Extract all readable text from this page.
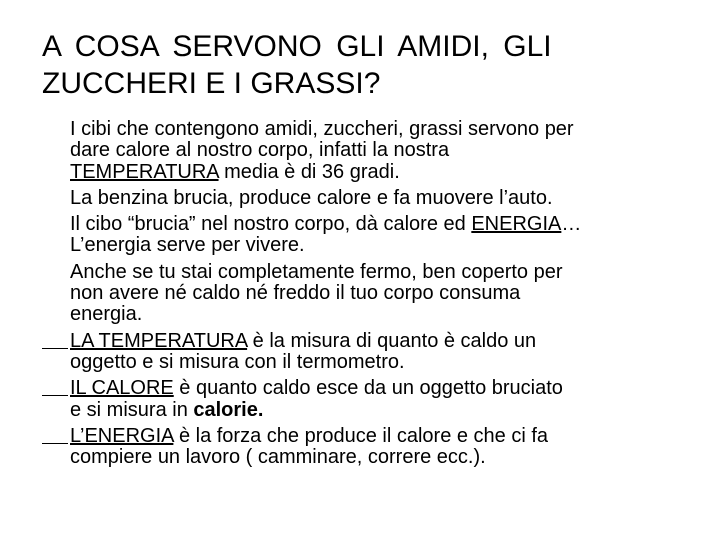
A COSA SERVONO GLI AMIDI, GLI
ZUCCHERI E I GRASSI?

I cibi che contengono amidi, zuccheri, grassi servono per
dare calore al nostro corpo, infatti la nostra
TEMPERATURA media è di 36 gradi.

La benzina brucia, produce calore e fa muovere l’auto.

Il cibo “brucia” nel nostro corpo, dà calore ed ENERGIA…
L’energia serve per vivere.

Anche se tu stai completamente fermo, ben coperto per
non avere né caldo né freddo il tuo corpo consuma
energia.

LA TEMPERATURA è la misura di quanto è caldo un
oggetto e si misura con il termometro.

IL CALORE è quanto caldo esce da un oggetto bruciato
e si misura in calorie.

L’ENERGIA è la forza che produce il calore e che ci fa
compiere un lavoro ( camminare, correre ecc.).
